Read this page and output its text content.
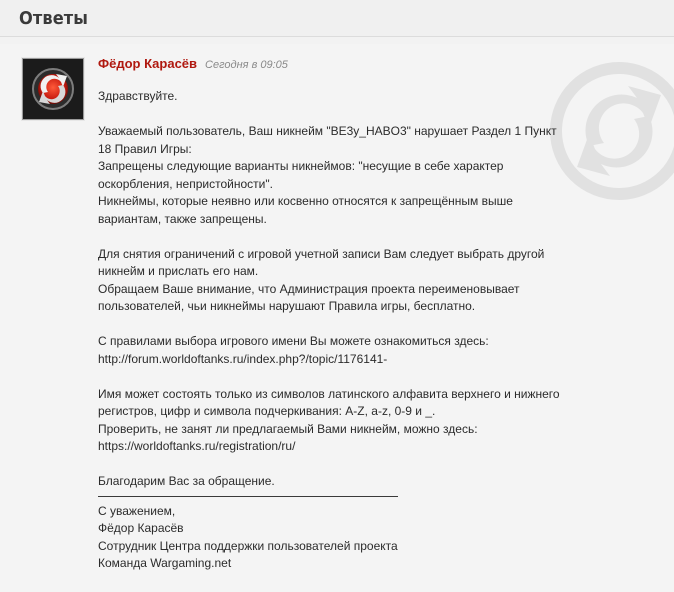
Ответы
Фёдор Карасёв Сегодня в 09:05
Здравствуйте.
Уважаемый пользователь, Ваш никнейм "BE3y_HABO3" нарушает Раздел 1 Пункт
18 Правил Игры:
Запрещены следующие варианты никнеймов: "несущие в себе характер
оскорбления, непристойности".
Никнеймы, которые неявно или косвенно относятся к запрещённым выше
вариантам, также запрещены.
Для снятия ограничений с игровой учетной записи Вам следует выбрать другой
никнейм и прислать его нам.
Обращаем Ваше внимание, что Администрация проекта переименовывает
пользователей, чьи никнеймы нарушают Правила игры, бесплатно.
С правилами выбора игрового имени Вы можете ознакомиться здесь:
http://forum.worldoftanks.ru/index.php?/topic/1176141-
Имя может состоять только из символов латинского алфавита верхнего и нижнего
регистров, цифр и символа подчеркивания: A-Z, a-z, 0-9 и _.
Проверить, не занят ли предлагаемый Вами никнейм, можно здесь:
https://worldoftanks.ru/registration/ru/
Благодарим Вас за обращение.
С уважением,
Фёдор Карасёв
Сотрудник Центра поддержки пользователей проекта
Команда Wargaming.net
